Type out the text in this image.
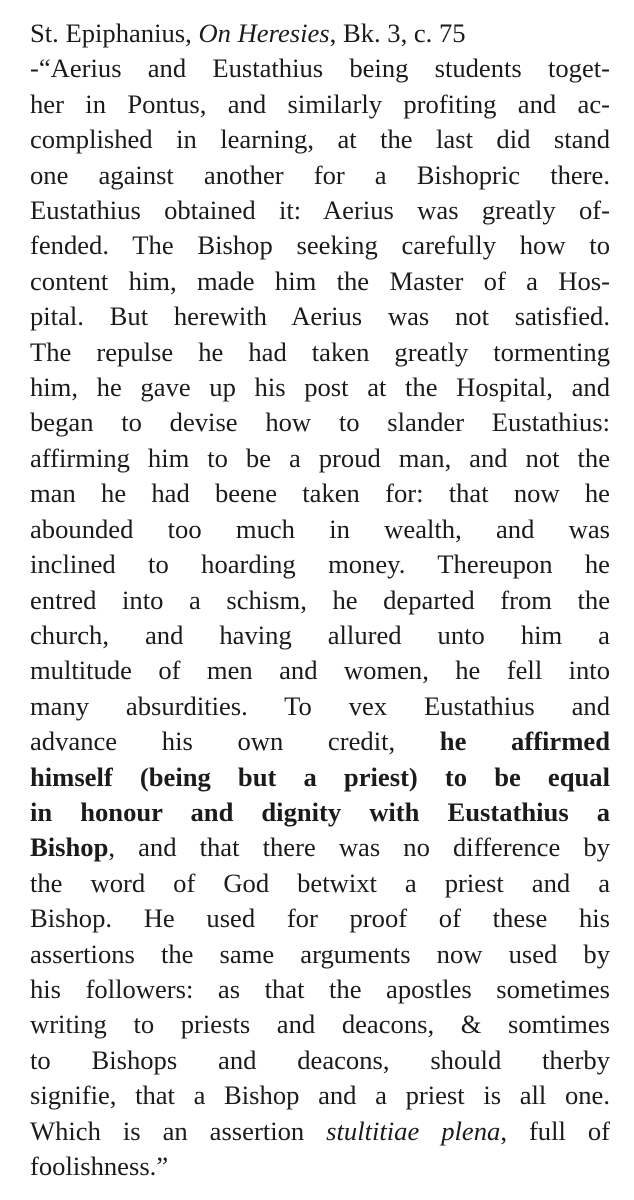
St. Epiphanius, On Heresies, Bk. 3, c. 75
-“Aerius and Eustathius being students toget-
her in Pontus, and similarly profiting and ac-
complished in learning, at the last did stand
one against another for a Bishopric there.
Eustathius obtained it: Aerius was greatly of-
fended. The Bishop seeking carefully how to
content him, made him the Master of a Hos-
pital. But herewith Aerius was not satisfied.
The repulse he had taken greatly tormenting
him, he gave up his post at the Hospital, and
began to devise how to slander Eustathius:
affirming him to be a proud man, and not the
man he had beene taken for: that now he
abounded too much in wealth, and was
inclined to hoarding money. Thereupon he
entred into a schism, he departed from the
church, and having allured unto him a
multitude of men and women, he fell into
many absurdities. To vex Eustathius and
advance his own credit, he affirmed
himself (being but a priest) to be equal
in honour and dignity with Eustathius a
Bishop, and that there was no difference by
the word of God betwixt a priest and a
Bishop. He used for proof of these his
assertions the same arguments now used by
his followers: as that the apostles sometimes
writing to priests and deacons, & somtimes
to Bishops and deacons, should therby
signifie, that a Bishop and a priest is all one.
Which is an assertion stultitiae plena, full of
foolishness.”
